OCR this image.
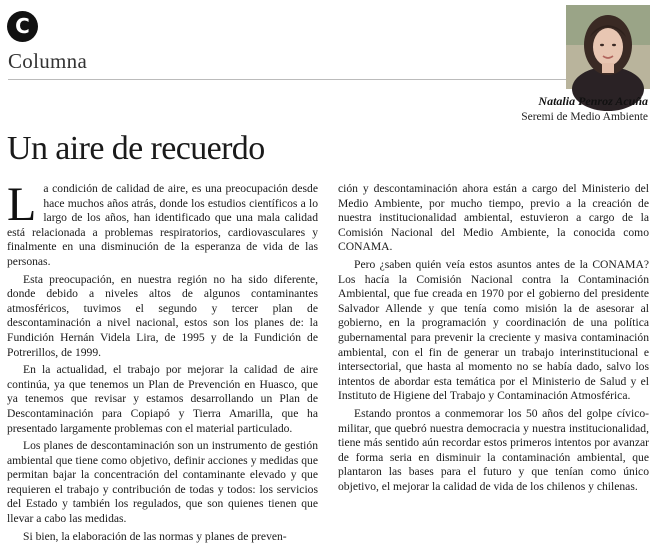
C
Columna
Natalia Penroz Acuña
Seremi de Medio Ambiente
Un aire de recuerdo

La condición de calidad de aire, es una preocupación desde hace muchos años atrás, donde los estudios científicos a lo largo de los años, han identificado que una mala calidad está relacionada a problemas respiratorios, cardiovasculares y finalmente en una disminución de la esperanza de vida de las personas.

Esta preocupación, en nuestra región no ha sido diferente, donde debido a niveles altos de algunos contaminantes atmosféricos, tuvimos el segundo y tercer plan de descontaminación a nivel nacional, estos son los planes de: la Fundición Hernán Videla Lira, de 1995 y de la Fundición de Potrerillos, de 1999.

En la actualidad, el trabajo por mejorar la calidad de aire continúa, ya que tenemos un Plan de Prevención en Huasco, que ya tenemos que revisar y estamos desarrollando un Plan de Descontaminación para Copiapó y Tierra Amarilla, que ha presentado largamente problemas con el material particulado.

Los planes de descontaminación son un instrumento de gestión ambiental que tiene como objetivo, definir acciones y medidas que permitan bajar la concentración del contaminante elevado y que requieren el trabajo y contribución de todas y todos: los servicios del Estado y también los regulados, que son quienes tienen que llevar a cabo las medidas.

Si bien, la elaboración de las normas y planes de preven-

ción y descontaminación ahora están a cargo del Ministerio del Medio Ambiente, por mucho tiempo, previo a la creación de nuestra institucionalidad ambiental, estuvieron a cargo de la Comisión Nacional del Medio Ambiente, la conocida como CONAMA.

Pero ¿saben quién veía estos asuntos antes de la CONAMA? Los hacía la Comisión Nacional contra la Contaminación Ambiental, que fue creada en 1970 por el gobierno del presidente Salvador Allende y que tenía como misión la de asesorar al gobierno, en la programación y coordinación de una política gubernamental para prevenir la creciente y masiva contaminación ambiental, con el fin de generar un trabajo interinstitucional e intersectorial, que hasta al momento no se había dado, salvo los intentos de abordar esta temática por el Ministerio de Salud y el Instituto de Higiene del Trabajo y Contaminación Atmosférica.

Estando prontos a conmemorar los 50 años del golpe cívico-militar, que quebró nuestra democracia y nuestra institucionalidad, tiene más sentido aún recordar estos primeros intentos por avanzar de forma seria en disminuir la contaminación ambiental, que plantaron las bases para el futuro y que tenían como único objetivo, el mejorar la calidad de vida de los chilenos y chilenas.
